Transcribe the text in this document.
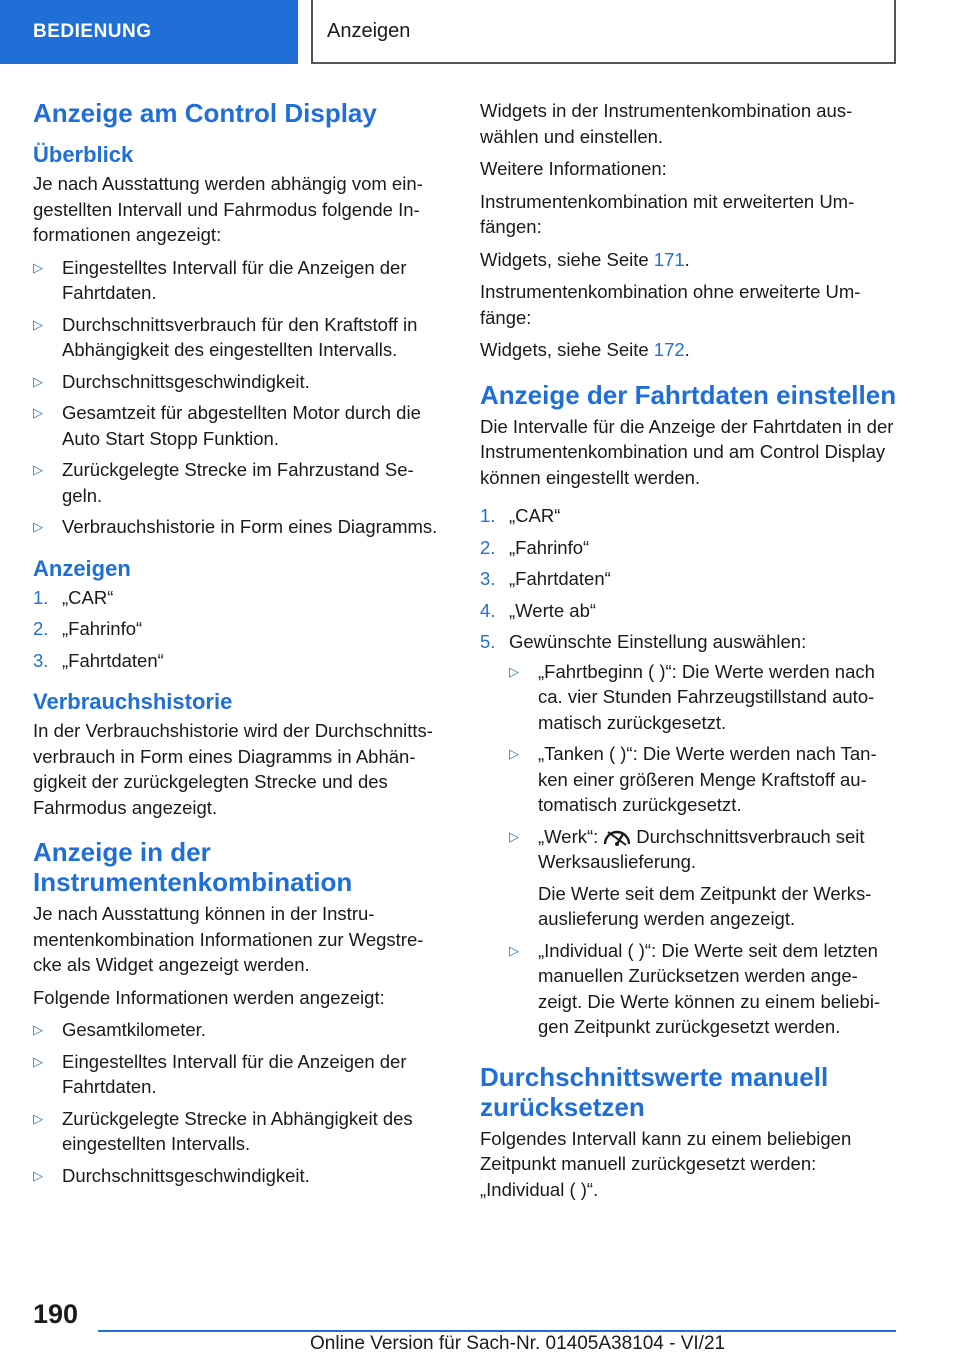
BEDIENUNG	Anzeigen
Anzeige am Control Display
Überblick
Je nach Ausstattung werden abhängig vom ein-gestellten Intervall und Fahrmodus folgende In-formationen angezeigt:
▷ Eingestelltes Intervall für die Anzeigen der Fahrtdaten.
▷ Durchschnittsverbrauch für den Kraftstoff in Abhängigkeit des eingestellten Intervalls.
▷ Durchschnittsgeschwindigkeit.
▷ Gesamtzeit für abgestellten Motor durch die Auto Start Stopp Funktion.
▷ Zurückgelegte Strecke im Fahrzustand Se-geln.
▷ Verbrauchshistorie in Form eines Diagramms.
Anzeigen
1. „CAR“
2. „Fahrinfo“
3. „Fahrtdaten“
Verbrauchshistorie
In der Verbrauchshistorie wird der Durchschnitts-verbrauch in Form eines Diagramms in Abhän-gigkeit der zurückgelegten Strecke und des Fahrmodus angezeigt.
Anzeige in der Instrumentenkombination
Je nach Ausstattung können in der Instru-mentenkombination Informationen zur Wegstre-cke als Widget angezeigt werden.
Folgende Informationen werden angezeigt:
▷ Gesamtkilometer.
▷ Eingestelltes Intervall für die Anzeigen der Fahrtdaten.
▷ Zurückgelegte Strecke in Abhängigkeit des eingestellten Intervalls.
▷ Durchschnittsgeschwindigkeit.
Widgets in der Instrumentenkombination aus-wählen und einstellen.
Weitere Informationen:
Instrumentenkombination mit erweiterten Um-fängen:
Widgets, siehe Seite 171.
Instrumentenkombination ohne erweiterte Um-fänge:
Widgets, siehe Seite 172.
Anzeige der Fahrtdaten einstellen
Die Intervalle für die Anzeige der Fahrtdaten in der Instrumentenkombination und am Control Display können eingestellt werden.
1. „CAR“
2. „Fahrinfo“
3. „Fahrtdaten“
4. „Werte ab“
5. Gewünschte Einstellung auswählen:
▷ „Fahrtbeginn ( )“: Die Werte werden nach ca. vier Stunden Fahrzeugstillstand auto-matisch zurückgesetzt.
▷ „Tanken ( )“: Die Werte werden nach Tan-ken einer größeren Menge Kraftstoff au-tomatisch zurückgesetzt.
▷ „Werk“: Durchschnittsverbrauch seit Werksauslieferung.
Die Werte seit dem Zeitpunkt der Werks-auslieferung werden angezeigt.
▷ „Individual ( )“: Die Werte seit dem letzten manuellen Zurücksetzen werden ange-zeigt. Die Werte können zu einem beliebi-gen Zeitpunkt zurückgesetzt werden.
Durchschnittswerte manuell zurücksetzen
Folgendes Intervall kann zu einem beliebigen Zeitpunkt manuell zurückgesetzt werden: „Individual ( )“.
190
Online Version für Sach-Nr. 01405A38104 - VI/21
